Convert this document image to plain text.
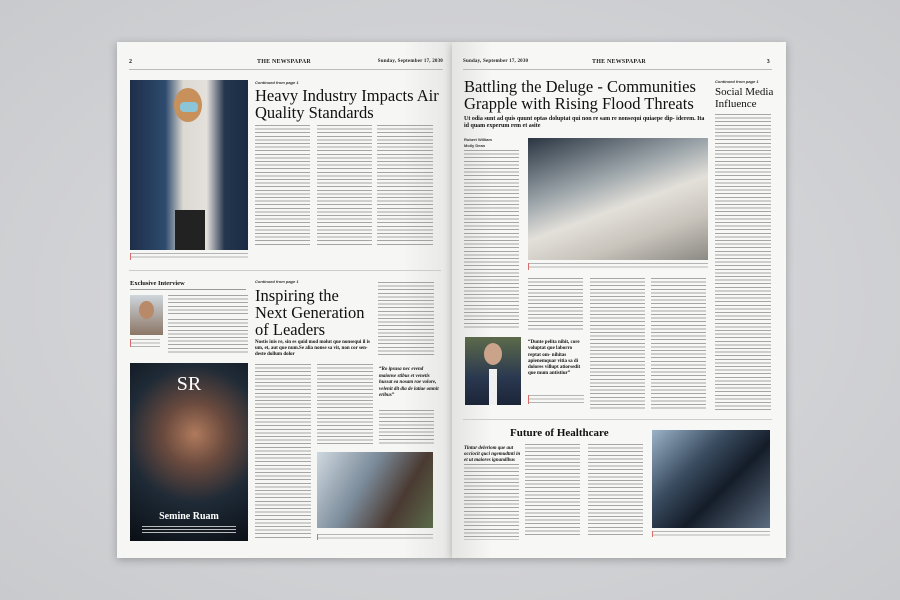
2	THE NEWSPAPAR	Sunday, September 17, 2030
Continued from page 1
Heavy Industry Impacts Air Quality Standards
Exclusive Interview	Continued from page 1
Inspiring the Next Generation of Leaders
Nostis inis re, sin es quid mod molut que nonsequi il is um, et, aut que num.Se alia nonse sa vit, non cor sen- deste dollum dolor
SR
Semine Ruam
“Ro ipsusa nec evend maionse stibus et venetis hussat ea nosam rae volore, velenit dit dia de latiae omnit eribus”
Sunday, September 17, 2030	THE NEWSPAPAR	3
Battling the Deluge - Communities Grapple with Rising Flood Threats
Ut odia sunt ad quis quunt optas doluptat qui non re sam re nonsequi quiaepe dip- iderem. Ita id quam experum rem et asite
Robert William
Molly Dean
Continued from page 1
Social Media Influence
“Dunte pelita nihit, core voluptat que laborro reptat om- nihitas apienemquar vitia sa di dolores villupt atiorsedit que mum antistiur”
Future of Healthcare
Tintur deleriom que aut occiocit quci ngemudtnti in et ut maiores ignandibus
